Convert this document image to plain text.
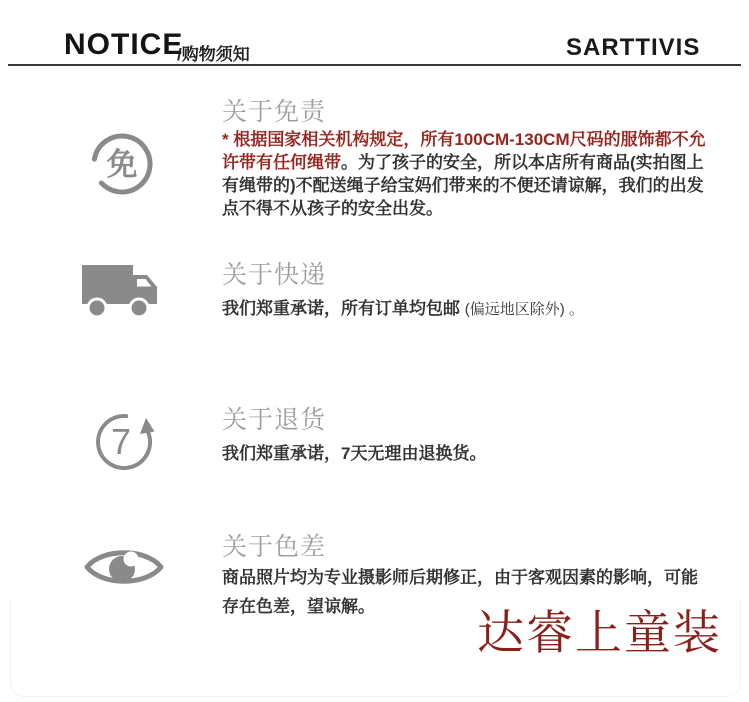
NOTICE
/购物须知	SARTTIVIS
免
关于免责
* 根据国家相关机构规定，所有100CM-130CM尺码的服饰都不允许带有任何绳带。为了孩子的安全，所以本店所有商品(实拍图上有绳带的)不配送绳子给宝妈们带来的不便还请谅解，我们的出发点不得不从孩子的安全出发。
关于快递
我们郑重承诺，所有订单均包邮 (偏远地区除外) 。
7
关于退货
我们郑重承诺，7天无理由退换货。
关于色差
商品照片均为专业摄影师后期修正，由于客观因素的影响，可能存在色差，望谅解。
达睿上童装
